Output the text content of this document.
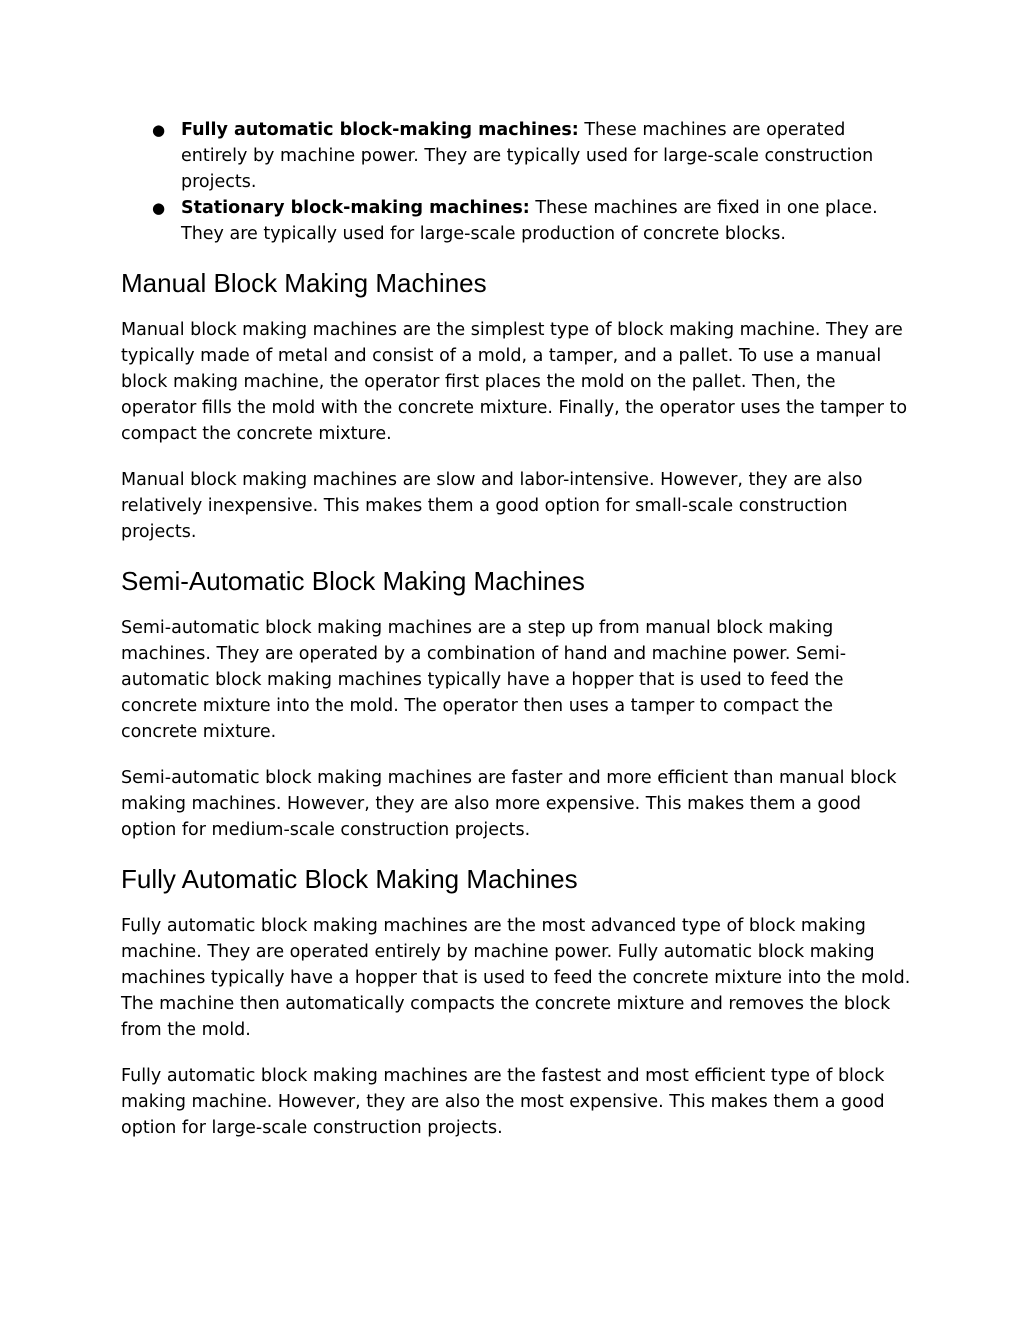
● Fully automatic block-making machines: These machines are operated entirely by machine power. They are typically used for large-scale construction projects.
● Stationary block-making machines: These machines are fixed in one place. They are typically used for large-scale production of concrete blocks.
Manual Block Making Machines

Manual block making machines are the simplest type of block making machine. They are typically made of metal and consist of a mold, a tamper, and a pallet. To use a manual block making machine, the operator first places the mold on the pallet. Then, the operator fills the mold with the concrete mixture. Finally, the operator uses the tamper to compact the concrete mixture.

Manual block making machines are slow and labor-intensive. However, they are also relatively inexpensive. This makes them a good option for small-scale construction projects.

Semi-Automatic Block Making Machines

Semi-automatic block making machines are a step up from manual block making machines. They are operated by a combination of hand and machine power. Semi-automatic block making machines typically have a hopper that is used to feed the concrete mixture into the mold. The operator then uses a tamper to compact the concrete mixture.

Semi-automatic block making machines are faster and more efficient than manual block making machines. However, they are also more expensive. This makes them a good option for medium-scale construction projects.

Fully Automatic Block Making Machines

Fully automatic block making machines are the most advanced type of block making machine. They are operated entirely by machine power. Fully automatic block making machines typically have a hopper that is used to feed the concrete mixture into the mold. The machine then automatically compacts the concrete mixture and removes the block from the mold.

Fully automatic block making machines are the fastest and most efficient type of block making machine. However, they are also the most expensive. This makes them a good option for large-scale construction projects.
